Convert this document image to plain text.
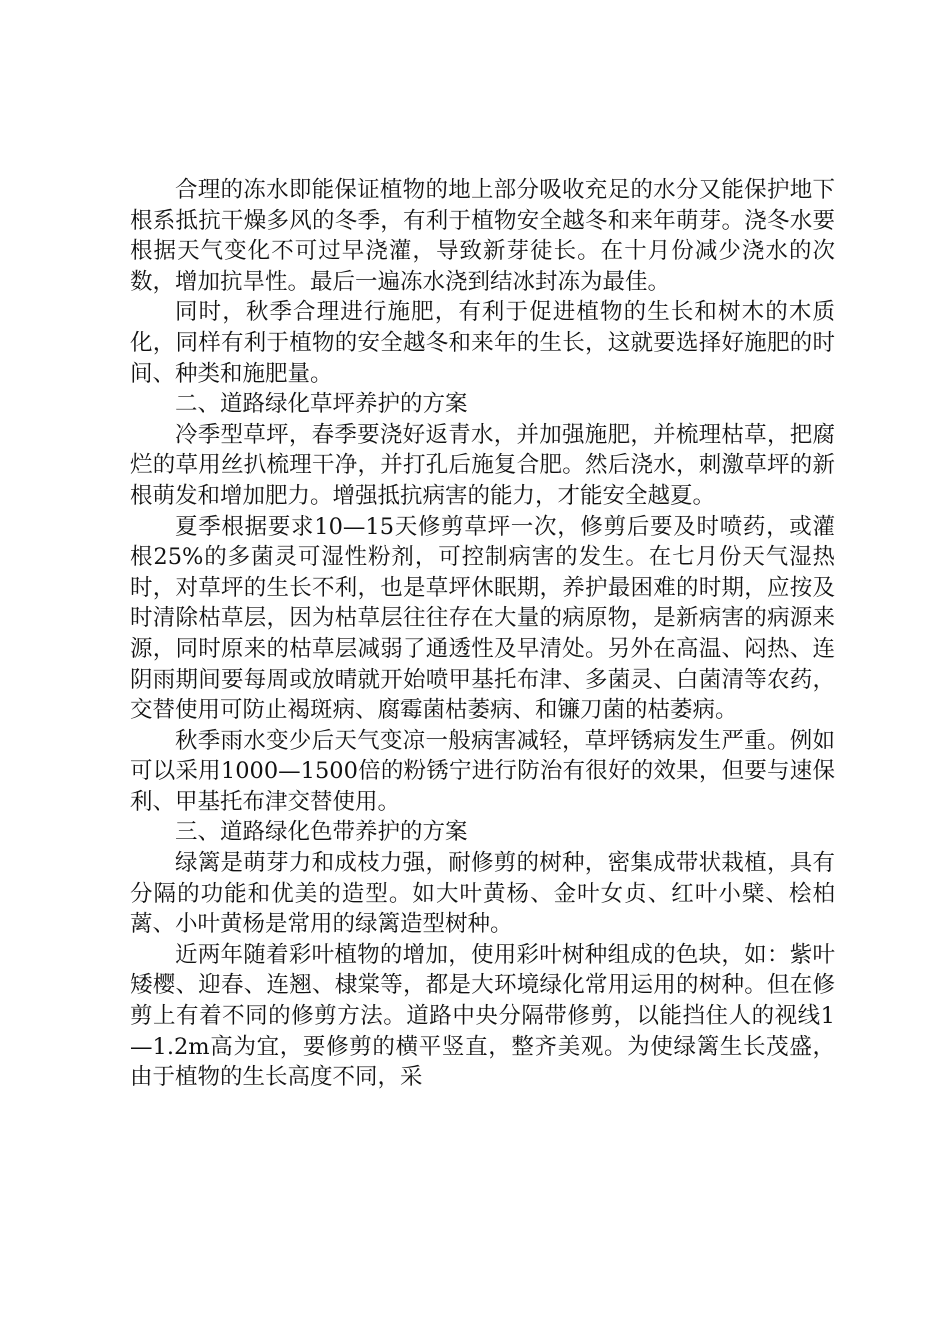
合理的冻水即能保证植物的地上部分吸收充足的水分又能保护地下根系抵抗干燥多风的冬季，有利于植物安全越冬和来年萌芽。浇冬水要根据天气变化不可过早浇灌，导致新芽徒长。在十月份减少浇水的次数，增加抗旱性。最后一遍冻水浇到结冰封冻为最佳。

同时，秋季合理进行施肥，有利于促进植物的生长和树木的木质化，同样有利于植物的安全越冬和来年的生长，这就要选择好施肥的时间、种类和施肥量。

二、道路绿化草坪养护的方案

冷季型草坪，春季要浇好返青水，并加强施肥，并梳理枯草，把腐烂的草用丝扒梳理干净，并打孔后施复合肥。然后浇水，刺激草坪的新根萌发和增加肥力。增强抵抗病害的能力，才能安全越夏。

夏季根据要求10—15天修剪草坪一次，修剪后要及时喷药，或灌根25%的多菌灵可湿性粉剂，可控制病害的发生。在七月份天气湿热时，对草坪的生长不利，也是草坪休眠期，养护最困难的时期，应按及时清除枯草层，因为枯草层往往存在大量的病原物，是新病害的病源来源，同时原来的枯草层减弱了通透性及早清处。另外在高温、闷热、连阴雨期间要每周或放晴就开始喷甲基托布津、多菌灵、白菌清等农药，交替使用可防止褐斑病、腐霉菌枯萎病、和镰刀菌的枯萎病。

秋季雨水变少后天气变凉一般病害减轻，草坪锈病发生严重。例如可以采用1000—1500倍的粉锈宁进行防治有很好的效果，但要与速保利、甲基托布津交替使用。

三、道路绿化色带养护的方案

绿篱是萌芽力和成枝力强，耐修剪的树种，密集成带状栽植，具有分隔的功能和优美的造型。如大叶黄杨、金叶女贞、红叶小檗、桧柏蓠、小叶黄杨是常用的绿篱造型树种。

近两年随着彩叶植物的增加，使用彩叶树种组成的色块，如：紫叶矮樱、迎春、连翘、棣棠等，都是大环境绿化常用运用的树种。但在修剪上有着不同的修剪方法。道路中央分隔带修剪，以能挡住人的视线1—1.2m高为宜，要修剪的横平竖直，整齐美观。为使绿篱生长茂盛，由于植物的生长高度不同，采
